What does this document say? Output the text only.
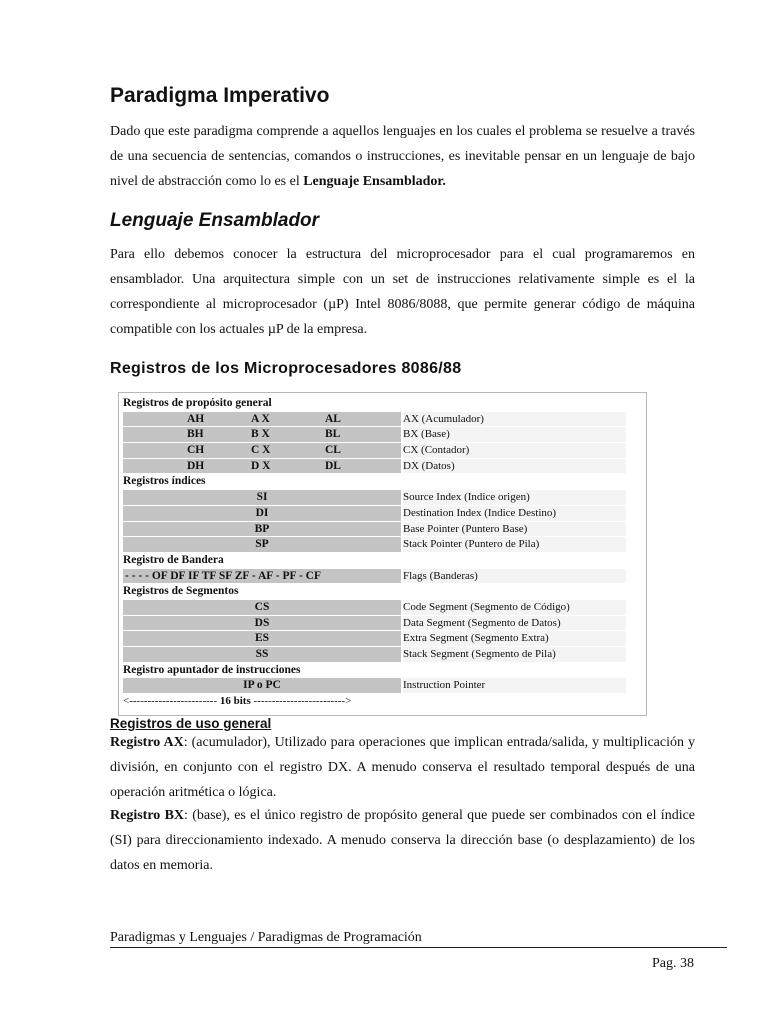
Paradigma Imperativo

Dado que este paradigma comprende a aquellos lenguajes en los cuales el problema se resuelve a través de una secuencia de sentencias, comandos o instrucciones, es inevitable pensar en un lenguaje de bajo nivel de abstracción como lo es el Lenguaje Ensamblador.

Lenguaje Ensamblador

Para ello debemos conocer la estructura del microprocesador para el cual programaremos en ensamblador. Una arquitectura simple con un set de instrucciones relativamente simple es el la correspondiente al microprocesador (µP) Intel 8086/8088, que permite generar código de máquina compatible con los actuales µP de la empresa.

Registros de los Microprocesadores 8086/88
Registros de propósito general
AH	A X	AL	AX (Acumulador)
BH	B X	BL	BX (Base)
CH	C X	CL	CX (Contador)
DH	D X	DL	DX (Datos)
Registros índices
SI	Source Index (Indice origen)
DI	Destination Index (Indice Destino)
BP	Base Pointer (Puntero Base)
SP	Stack Pointer (Puntero de Pila)
Registro de Bandera
- - - - OF DF IF TF SF ZF - AF - PF - CF	Flags (Banderas)
Registros de Segmentos
CS	Code Segment (Segmento de Código)
DS	Data Segment (Segmento de Datos)
ES	Extra Segment (Segmento Extra)
SS	Stack Segment (Segmento de Pila)
Registro apuntador de instrucciones
IP o PC	Instruction Pointer
<------------------------ 16 bits ------------------------->
Registros de uso general

Registro AX: (acumulador), Utilizado para operaciones que implican entrada/salida, y multiplicación y división, en conjunto con el registro DX. A menudo conserva el resultado temporal después de una operación aritmética o lógica.

Registro BX: (base), es el único registro de propósito general que puede ser combinados con el índice (SI) para direccionamiento indexado. A menudo conserva la dirección base (o desplazamiento) de los datos en memoria.

Paradigmas y Lenguajes / Paradigmas de Programación
Pag. 38
